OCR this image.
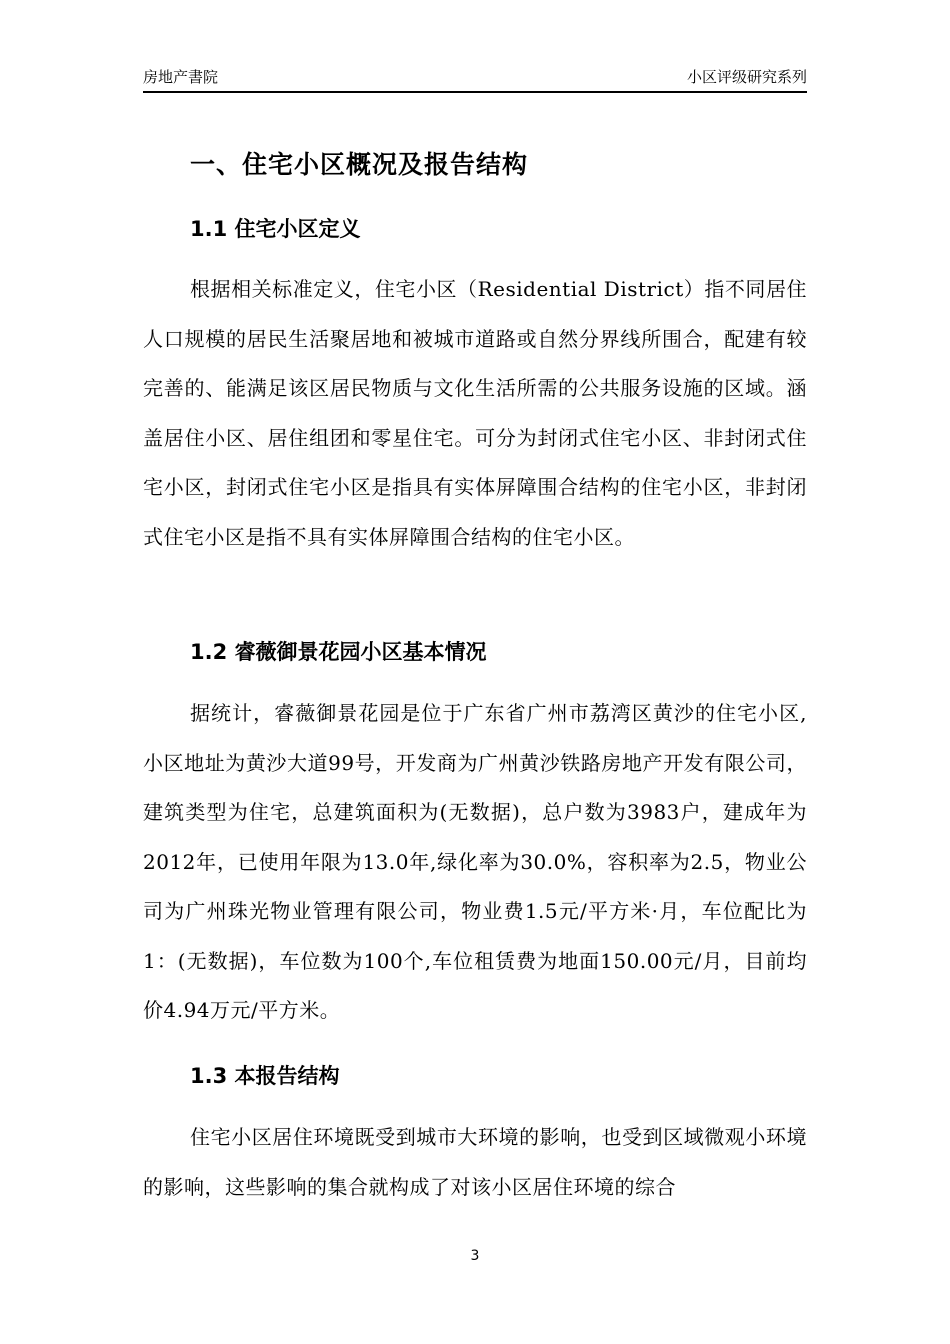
房地产書院	小区评级研究系列
一、住宅小区概况及报告结构
1.1 住宅小区定义
根据相关标准定义，住宅小区（Residential District）指不同居住人口规模的居民生活聚居地和被城市道路或自然分界线所围合，配建有较完善的、能满足该区居民物质与文化生活所需的公共服务设施的区域。涵盖居住小区、居住组团和零星住宅。可分为封闭式住宅小区、非封闭式住宅小区，封闭式住宅小区是指具有实体屏障围合结构的住宅小区，非封闭式住宅小区是指不具有实体屏障围合结构的住宅小区。
1.2 睿薇御景花园小区基本情况
据统计，睿薇御景花园是位于广东省广州市荔湾区黄沙的住宅小区,小区地址为黄沙大道99号，开发商为广州黄沙铁路房地产开发有限公司，建筑类型为住宅，总建筑面积为(无数据)，总户数为3983户，建成年为2012年，已使用年限为13.0年,绿化率为30.0%，容积率为2.5，物业公司为广州珠光物业管理有限公司，物业费1.5元/平方米·月，车位配比为1：(无数据)，车位数为100个,车位租赁费为地面150.00元/月，目前均价4.94万元/平方米。
1.3 本报告结构
住宅小区居住环境既受到城市大环境的影响，也受到区域微观小环境的影响，这些影响的集合就构成了对该小区居住环境的综合
3
